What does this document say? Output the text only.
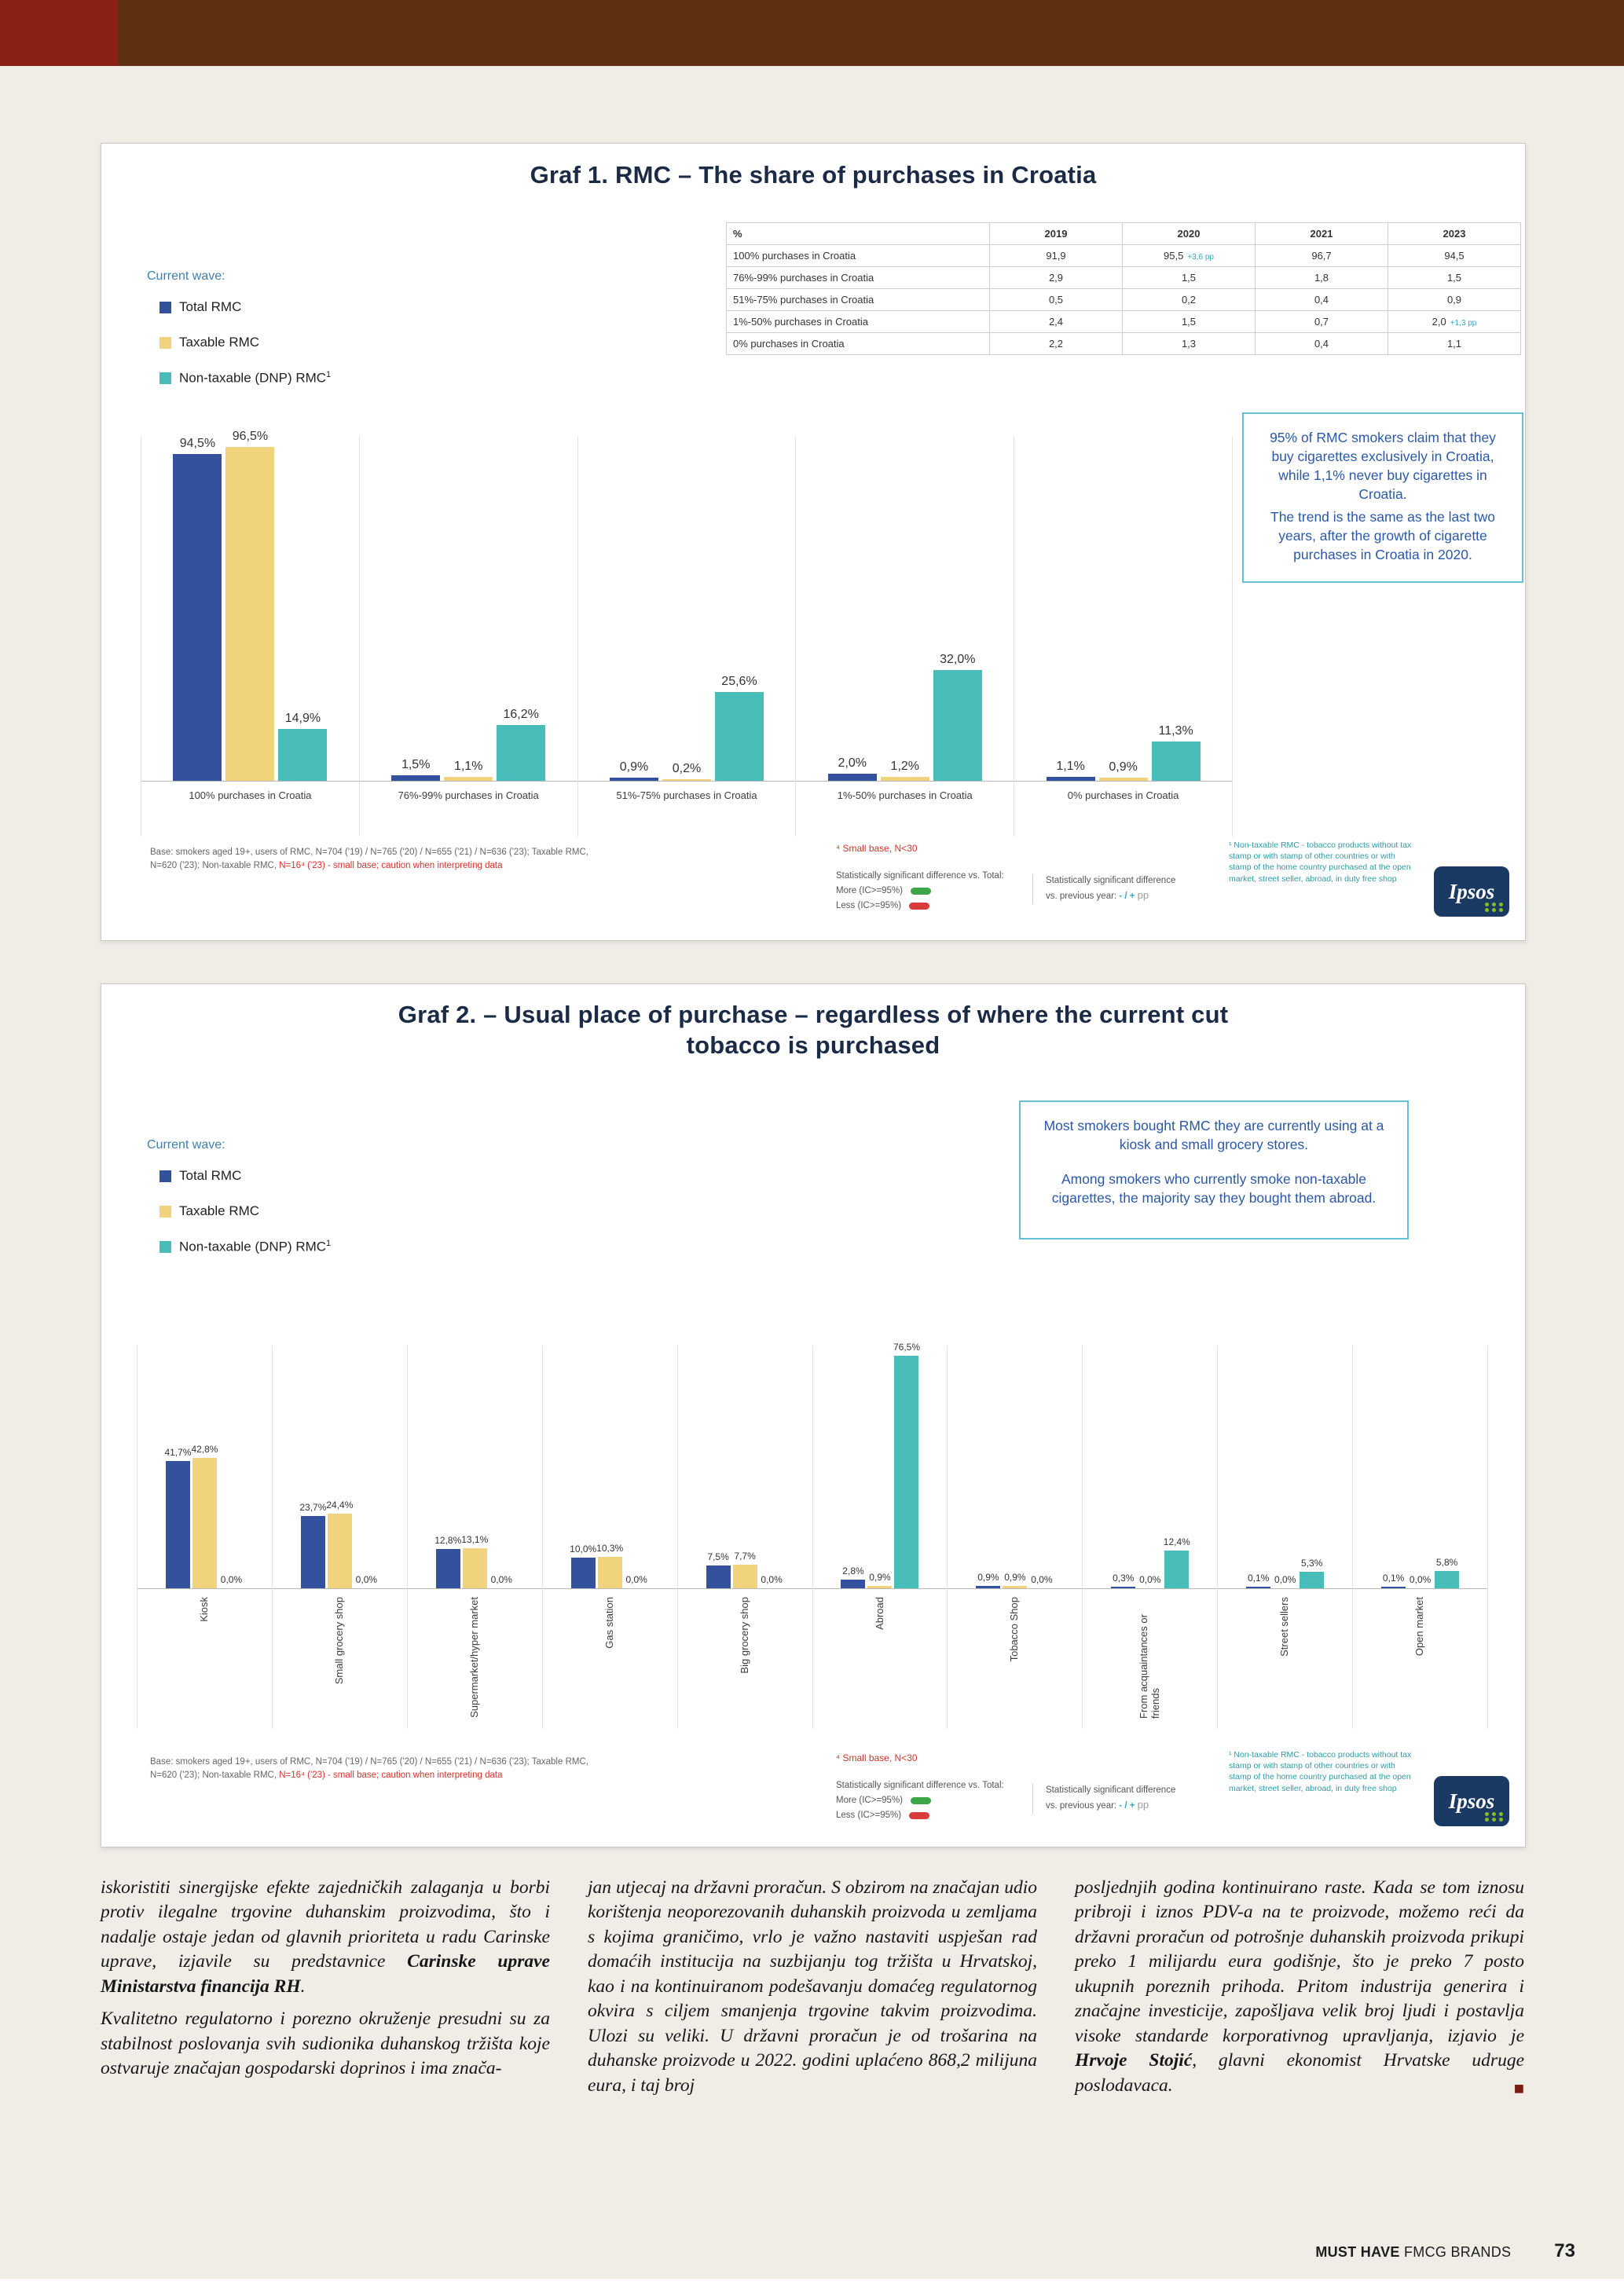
Graf 1. RMC – The share of purchases in Croatia
Current wave:
Total RMC
Taxable RMC
Non-taxable (DNP) RMC$^1$
%	2019	2020	2021	2023
100% purchases in Croatia	91,9	95,5 +3,6 pp	96,7	94,5
76%-99% purchases in Croatia	2,9	1,5	1,8	1,5
51%-75% purchases in Croatia	0,5	0,2	0,4	0,9
1%-50% purchases in Croatia	2,4	1,5	0,7	2,0 +1,3 pp
0% purchases in Croatia	2,2	1,3	0,4	1,1
94,5%
96,5%
14,9%
100% purchases in Croatia
1,5% 1,1%
16,2%
76%-99% purchases in Croatia
0,9% 0,2%
25,6%
51%-75% purchases in Croatia
2,0% 1,2%
32,0%
1%-50% purchases in Croatia
1,1% 0,9%
11,3%
0% purchases in Croatia

95% of RMC smokers claim that they buy cigarettes exclusively in Croatia, while 1,1% never buy cigarettes in Croatia.

The trend is the same as the last two years, after the growth of cigarette purchases in Croatia in 2020.

Base: smokers aged 19+, users of RMC, N=704 ('19) / N=765 ('20) / N=655 ('21) / N=636 ('23); Taxable RMC, N=620 ('23); Non-taxable RMC, N=16⁴ ('23) - small base; caution when interpreting data
⁴ Small base, N<30
Statistically significant difference vs. Total:
More (IC>=95%)
Less (IC>=95%)
Statistically significant difference
vs. previous year: - / + pp
¹ Non-taxable RMC - tobacco products without tax stamp or with stamp of other countries or with stamp of the home country purchased at the open market, street seller, abroad, in duty free shop
Ipsos
Graf 2. – Usual place of purchase – regardless of where the current cut tobacco is purchased
Current wave:
Total RMC
Taxable RMC
Non-taxable (DNP) RMC$^1$

Most smokers bought RMC they are currently using at a kiosk and small grocery stores.

Among smokers who currently smoke non-taxable cigarettes, the majority say they bought them abroad.

41,7% 42,8%
0,0%
Kiosk
23,7% 24,4%
0,0%
Small grocery shop
12,8% 13,1%
0,0%
Supermarket/hyper market
10,0% 10,3%
0,0%
Gas station
7,5% 7,7%
0,0%
Big grocery shop
2,8%
0,9%
76,5%
Abroad
0,9% 0,9% 0,0%
Tobacco Shop
0,3% 0,0%
12,4%
From acquaintances or friends
0,1% 0,0%
5,3%
Street sellers
0,1% 0,0%
5,8%
Open market
Base: smokers aged 19+, users of RMC, N=704 ('19) / N=765 ('20) / N=655 ('21) / N=636 ('23); Taxable RMC, N=620 ('23); Non-taxable RMC, N=16⁴ ('23) - small base; caution when interpreting data
⁴ Small base, N<30
Statistically significant difference vs. Total:
More (IC>=95%)
Less (IC>=95%)
Statistically significant difference
vs. previous year: - / + pp
¹ Non-taxable RMC - tobacco products without tax stamp or with stamp of other countries or with stamp of the home country purchased at the open market, street seller, abroad, in duty free shop
Ipsos

iskoristiti sinergijske efekte zajedničkih zalaganja u borbi protiv ilegalne trgovine duhanskim proizvodima, što i nadalje ostaje jedan od glavnih prioriteta u radu Carinske uprave, izjavile su predstavnice Carinske uprave Ministarstva financija RH.

Kvalitetno regulatorno i porezno okruženje presudni su za stabilnost poslovanja svih sudionika duhanskog tržišta koje ostvaruje značajan gospodarski doprinos i ima znača-

jan utjecaj na državni proračun. S obzirom na značajan udio korištenja neoporezovanih duhanskih proizvoda u zemljama s kojima graničimo, vrlo je važno nastaviti uspješan rad domaćih institucija na suzbijanju tog tržišta u Hrvatskoj, kao i na kontinuiranom podešavanju domaćeg regulatornog okvira s ciljem smanjenja trgovine takvim proizvodima. Ulozi su veliki. U državni proračun je od trošarina na duhanske proizvode u 2022. godini uplaćeno 868,2 milijuna eura, i taj broj

posljednjih godina kontinuirano raste. Kada se tom iznosu pribroji i iznos PDV-a na te proizvode, možemo reći da državni proračun od potrošnje duhanskih proizvoda prikupi preko 1 milijardu eura godišnje, što je preko 7 posto ukupnih poreznih prihoda. Pritom industrija generira i značajne investicije, zapošljava velik broj ljudi i postavlja visoke standarde korporativnog upravljanja, izjavio je Hrvoje Stojić, glavni ekonomist Hrvatske udruge poslodavaca.	■
MUST HAVE FMCG BRANDS 73
